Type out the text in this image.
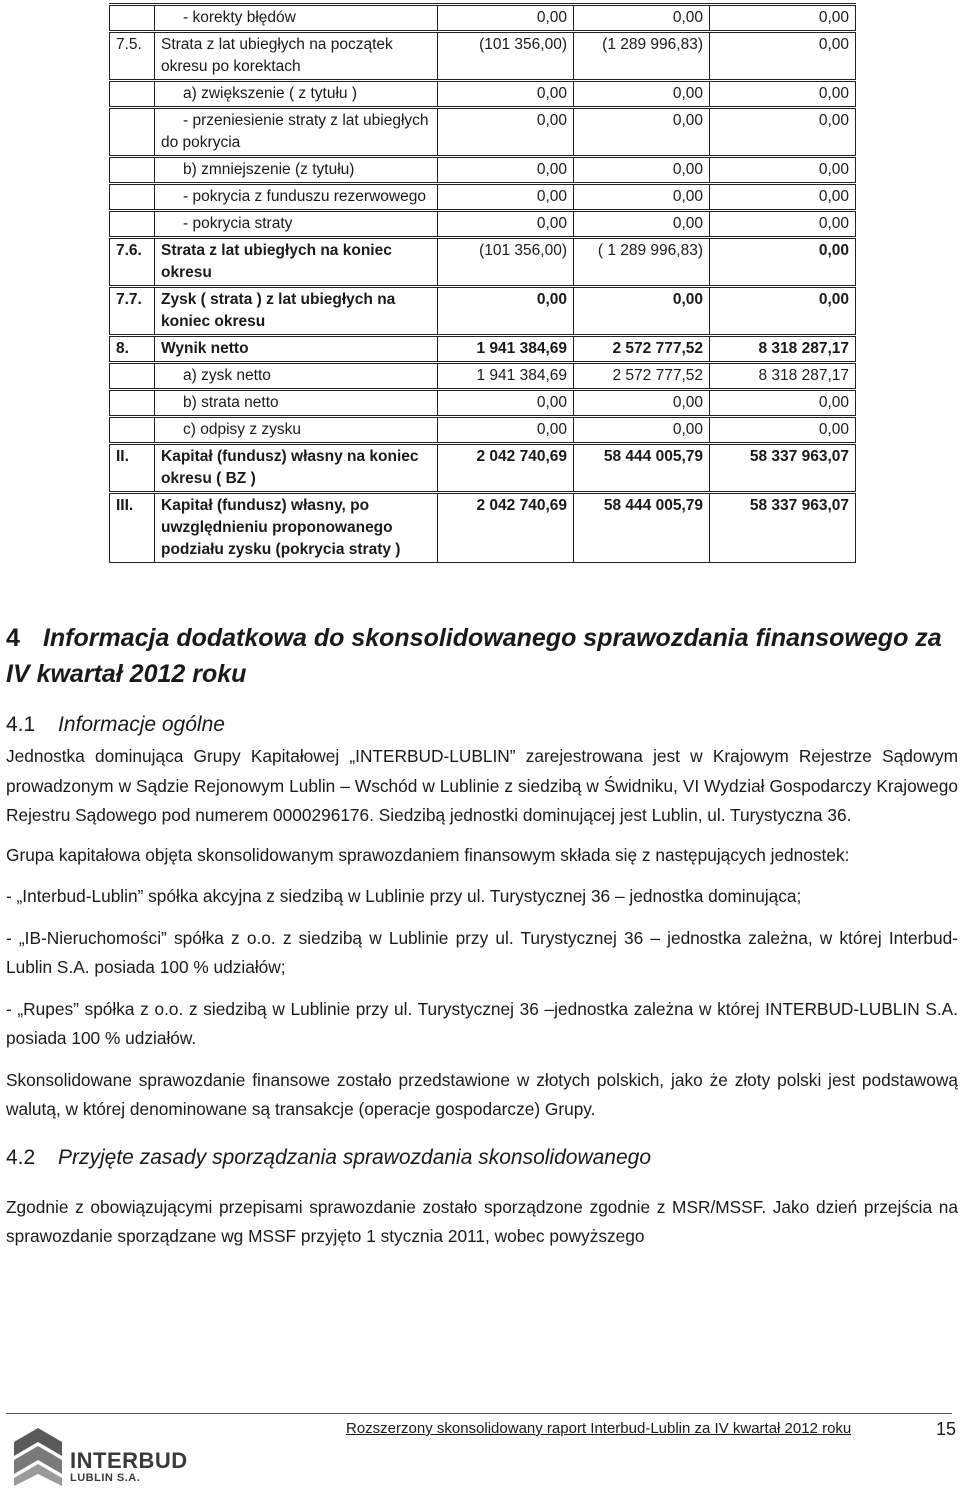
	- korekty błędów	0,00	0,00	0,00
7.5.	Strata z lat ubiegłych na początek okresu po korektach	(101 356,00)	(1 289 996,83)	0,00

	a) zwiększenie ( z tytułu )	0,00	0,00	0,00

	- przeniesienie straty z lat ubiegłych do pokrycia	0,00	0,00	0,00

	b) zmniejszenie (z tytułu)	0,00	0,00	0,00

	- pokrycia z funduszu rezerwowego	0,00	0,00	0,00

	- pokrycia straty	0,00	0,00	0,00
7.6.	Strata z lat ubiegłych na koniec okresu	(101 356,00)	( 1 289 996,83)	0,00
7.7.	Zysk ( strata ) z lat ubiegłych na koniec okresu	0,00	0,00	0,00
8.	Wynik netto	1 941 384,69	2 572 777,52	8 318 287,17

	a) zysk netto	1 941 384,69	2 572 777,52	8 318 287,17

	b) strata netto	0,00	0,00	0,00

	c) odpisy z zysku	0,00	0,00	0,00
II.	Kapitał (fundusz) własny na koniec okresu ( BZ )	2 042 740,69	58 444 005,79	58 337 963,07
III.	Kapitał (fundusz) własny, po uwzględnieniu proponowanego podziału zysku (pokrycia straty )	2 042 740,69	58 444 005,79	58 337 963,07
4 Informacja dodatkowa do skonsolidowanego sprawozdania finansowego za IV kwartał 2012 roku
4.1 Informacje ogólne

Jednostka dominująca Grupy Kapitałowej „INTERBUD-LUBLIN” zarejestrowana jest w Krajowym Rejestrze Sądowym prowadzonym w Sądzie Rejonowym Lublin – Wschód w Lublinie z siedzibą w Świdniku, VI Wydział Gospodarczy Krajowego Rejestru Sądowego pod numerem 0000296176. Siedzibą jednostki dominującej jest Lublin, ul. Turystyczna 36.

Grupa kapitałowa objęta skonsolidowanym sprawozdaniem finansowym składa się z następujących jednostek:

- „Interbud-Lublin” spółka akcyjna z siedzibą w Lublinie przy ul. Turystycznej 36 – jednostka dominująca;

- „IB-Nieruchomości” spółka z o.o. z siedzibą w Lublinie przy ul. Turystycznej 36 – jednostka zależna, w której Interbud-Lublin S.A. posiada 100 % udziałów;

- „Rupes” spółka z o.o. z siedzibą w Lublinie przy ul. Turystycznej 36 –jednostka zależna w której INTERBUD-LUBLIN S.A. posiada 100 % udziałów.

Skonsolidowane sprawozdanie finansowe zostało przedstawione w złotych polskich, jako że złoty polski jest podstawową walutą, w której denominowane są transakcje (operacje gospodarcze) Grupy.

4.2 Przyjęte zasady sporządzania sprawozdania skonsolidowanego

Zgodnie z obowiązującymi przepisami sprawozdanie zostało sporządzone zgodnie z MSR/MSSF. Jako dzień przejścia na sprawozdanie sporządzane wg MSSF przyjęto 1 stycznia 2011, wobec powyższego

INTERBUD
LUBLIN S.A.
Rozszerzony skonsolidowany raport Interbud-Lublin za IV kwartał 2012 roku	15
